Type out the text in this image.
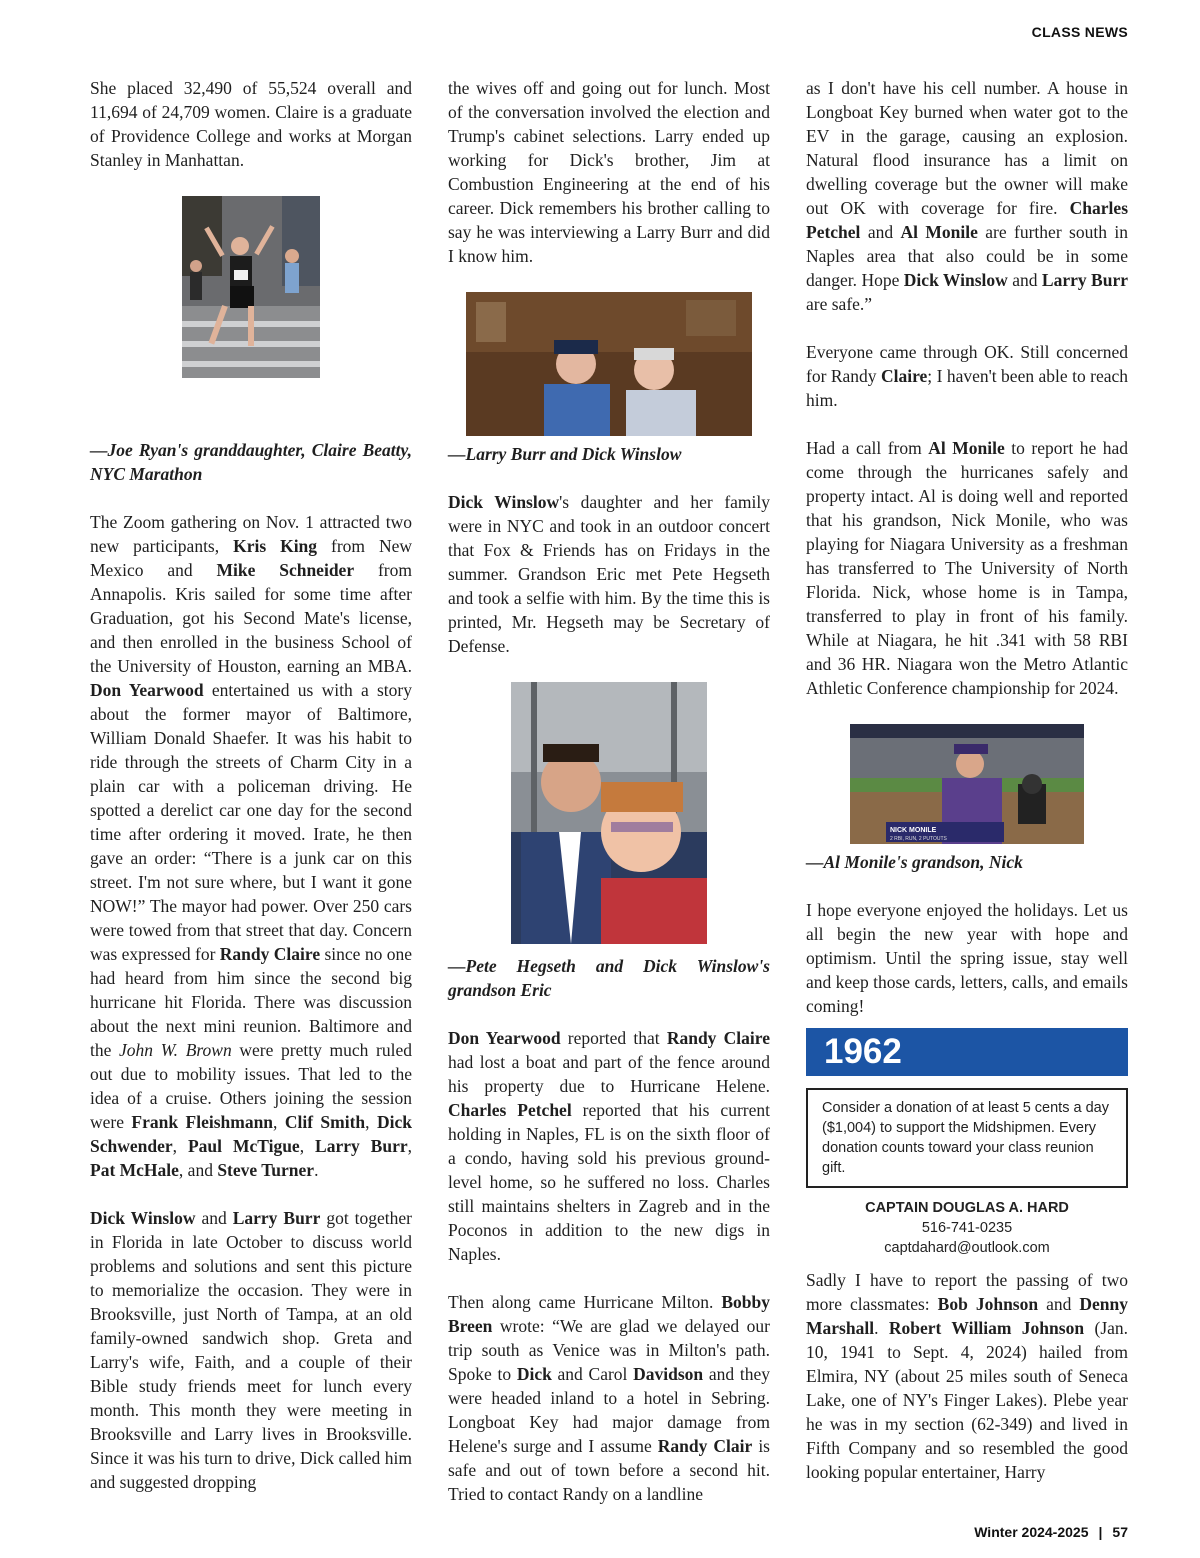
CLASS NEWS

She placed 32,490 of 55,524 overall and 11,694 of 24,709 women. Claire is a graduate of Providence College and works at Morgan Stanley in Manhattan.

—Joe Ryan's granddaughter, Claire Beatty, NYC Marathon

The Zoom gathering on Nov. 1 attracted two new participants, Kris King from New Mexico and Mike Schneider from Annapolis. Kris sailed for some time after Graduation, got his Second Mate's license, and then enrolled in the business School of the University of Houston, earning an MBA. Don Yearwood entertained us with a story about the former mayor of Baltimore, William Donald Shaefer. It was his habit to ride through the streets of Charm City in a plain car with a policeman driving. He spotted a derelict car one day for the second time after ordering it moved. Irate, he then gave an order: “There is a junk car on this street. I'm not sure where, but I want it gone NOW!” The mayor had power. Over 250 cars were towed from that street that day. Concern was expressed for Randy Claire since no one had heard from him since the second big hurricane hit Florida. There was discussion about the next mini reunion. Baltimore and the John W. Brown were pretty much ruled out due to mobility issues. That led to the idea of a cruise. Others joining the session were Frank Fleishmann, Clif Smith, Dick Schwender, Paul McTigue, Larry Burr, Pat McHale, and Steve Turner.

Dick Winslow and Larry Burr got together in Florida in late October to discuss world problems and solutions and sent this picture to memorialize the occasion. They were in Brooksville, just North of Tampa, at an old family-owned sandwich shop. Greta and Larry's wife, Faith, and a couple of their Bible study friends meet for lunch every month. This month they were meeting in Brooksville and Larry lives in Brooksville. Since it was his turn to drive, Dick called him and suggested dropping

the wives off and going out for lunch. Most of the conversation involved the election and Trump's cabinet selections. Larry ended up working for Dick's brother, Jim at Combustion Engineering at the end of his career. Dick remembers his brother calling to say he was interviewing a Larry Burr and did I know him.

—Larry Burr and Dick Winslow

Dick Winslow's daughter and her family were in NYC and took in an outdoor concert that Fox & Friends has on Fridays in the summer. Grandson Eric met Pete Hegseth and took a selfie with him. By the time this is printed, Mr. Hegseth may be Secretary of Defense.

—Pete Hegseth and Dick Winslow's grandson Eric

Don Yearwood reported that Randy Claire had lost a boat and part of the fence around his property due to Hurricane Helene. Charles Petchel reported that his current holding in Naples, FL is on the sixth floor of a condo, having sold his previous ground-level home, so he suffered no loss. Charles still maintains shelters in Zagreb and in the Poconos in addition to the new digs in Naples.

Then along came Hurricane Milton. Bobby Breen wrote: “We are glad we delayed our trip south as Venice was in Milton's path. Spoke to Dick and Carol Davidson and they were headed inland to a hotel in Sebring. Longboat Key had major damage from Helene's surge and I assume Randy Clair is safe and out of town before a second hit. Tried to contact Randy on a landline

as I don't have his cell number. A house in Longboat Key burned when water got to the EV in the garage, causing an explosion. Natural flood insurance has a limit on dwelling coverage but the owner will make out OK with coverage for fire. Charles Petchel and Al Monile are further south in Naples area that also could be in some danger. Hope Dick Winslow and Larry Burr are safe.”

Everyone came through OK. Still concerned for Randy Claire; I haven't been able to reach him.

Had a call from Al Monile to report he had come through the hurricanes safely and property intact. Al is doing well and reported that his grandson, Nick Monile, who was playing for Niagara University as a freshman has transferred to The University of North Florida. Nick, whose home is in Tampa, transferred to play in front of his family. While at Niagara, he hit .341 with 58 RBI and 36 HR. Niagara won the Metro Atlantic Athletic Conference championship for 2024.

NICK MONILE
2 RBI, RUN, 2 PUTOUTS

—Al Monile's grandson, Nick

I hope everyone enjoyed the holidays. Let us all begin the new year with hope and optimism. Until the spring issue, stay well and keep those cards, letters, calls, and emails coming!

1962
Consider a donation of at least 5 cents a day ($1,004) to support the Midshipmen. Every donation counts toward your class reunion gift.
CAPTAIN DOUGLAS A. HARD
516-741-0235
captdahard@outlook.com

Sadly I have to report the passing of two more classmates: Bob Johnson and Denny Marshall. Robert William Johnson (Jan. 10, 1941 to Sept. 4, 2024) hailed from Elmira, NY (about 25 miles south of Seneca Lake, one of NY's Finger Lakes). Plebe year he was in my section (62-349) and lived in Fifth Company and so resembled the good looking popular entertainer, Harry

Winter 2024-2025 | 57
